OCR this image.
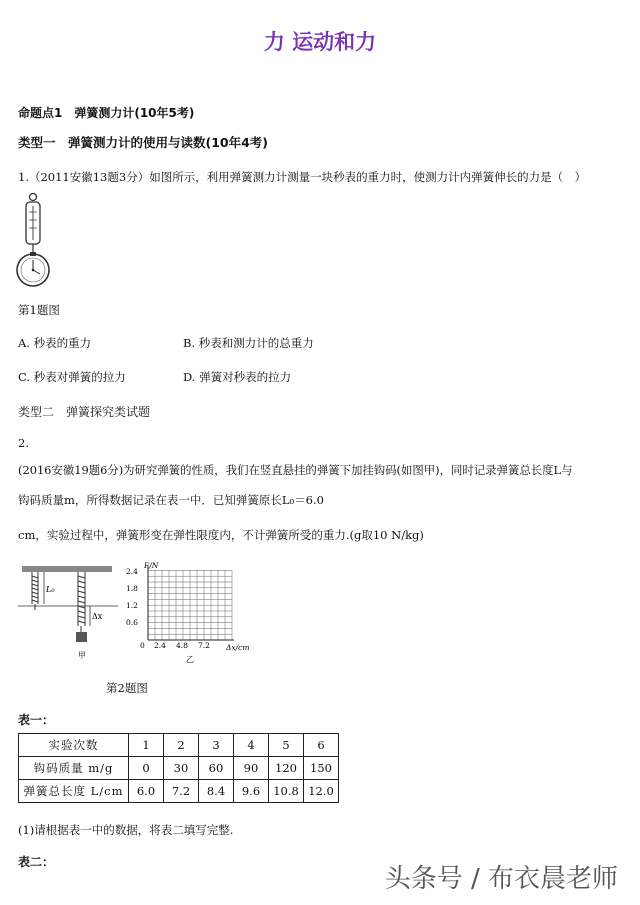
力 运动和力
命题点1　弹簧测力计(10年5考)
类型一　弹簧测力计的使用与读数(10年4考)
1.（2011安徽13题3分）如图所示，利用弹簧测力计测量一块秒表的重力时，使测力计内弹簧伸长的力是（　）
第1题图
A. 秒表的重力	B. 秒表和测力计的总重力
C. 秒表对弹簧的拉力	D. 弹簧对秒表的拉力
类型二　弹簧探究类试题
2.
(2016安徽19题6分)为研究弹簧的性质，我们在竖直悬挂的弹簧下加挂钩码(如图甲)，同时记录弹簧总长度L与
钩码质量m，所得数据记录在表一中．已知弹簧原长L₀＝6.0
cm，实验过程中，弹簧形变在弹性限度内，不计弹簧所受的重力.(g取10 N/kg)
L₀
Δx
甲
F/N
Δx/cm
0
2.4
1.8
1.2
0.6
2.4 4.8 7.2
乙
第2题图
表一：
实验次数	1	2	3	4	5	6
钩码质量 m/g	0	30	60	90	120	150
弹簧总长度 L/cm	6.0	7.2	8.4	9.6	10.8	12.0
(1)请根据表一中的数据，将表二填写完整.
表二：
头条号 / 布衣晨老师
